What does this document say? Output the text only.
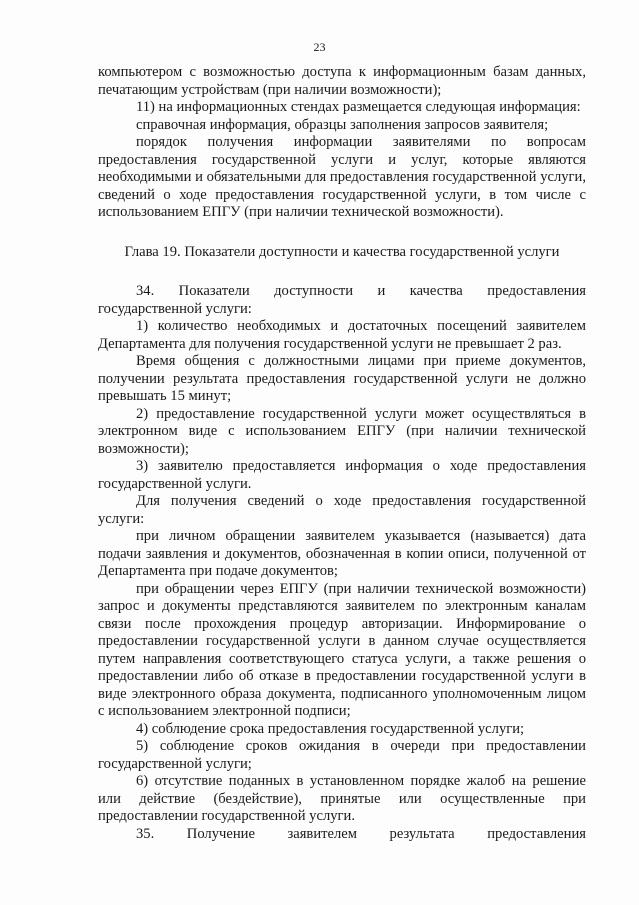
23

компьютером с возможностью доступа к информационным базам данных, печатающим устройствам (при наличии возможности);

11) на информационных стендах размещается следующая информация:

справочная информация, образцы заполнения запросов заявителя;

порядок получения информации заявителями по вопросам предоставления государственной услуги и услуг, которые являются необходимыми и обязательными для предоставления государственной услуги, сведений о ходе предоставления государственной услуги, в том числе с использованием ЕПГУ (при наличии технической возможности).

Глава 19. Показатели доступности и качества государственной услуги

34. Показатели доступности и качества предоставления государственной услуги:

1) количество необходимых и достаточных посещений заявителем Департамента для получения государственной услуги не превышает 2 раз.

Время общения с должностными лицами при приеме документов, получении результата предоставления государственной услуги не должно превышать 15 минут;

2) предоставление государственной услуги может осуществляться в электронном виде с использованием ЕПГУ (при наличии технической возможности);

3) заявителю предоставляется информация о ходе предоставления государственной услуги.

Для получения сведений о ходе предоставления государственной услуги:

при личном обращении заявителем указывается (называется) дата подачи заявления и документов, обозначенная в копии описи, полученной от Департамента при подаче документов;

при обращении через ЕПГУ (при наличии технической возможности) запрос и документы представляются заявителем по электронным каналам связи после прохождения процедур авторизации. Информирование о предоставлении государственной услуги в данном случае осуществляется путем направления соответствующего статуса услуги, а также решения о предоставлении либо об отказе в предоставлении государственной услуги в виде электронного образа документа, подписанного уполномоченным лицом с использованием электронной подписи;

4) соблюдение срока предоставления государственной услуги;

5) соблюдение сроков ожидания в очереди при предоставлении государственной услуги;

6) отсутствие поданных в установленном порядке жалоб на решение или действие (бездействие), принятые или осуществленные при предоставлении государственной услуги.

35. Получение заявителем результата предоставления
